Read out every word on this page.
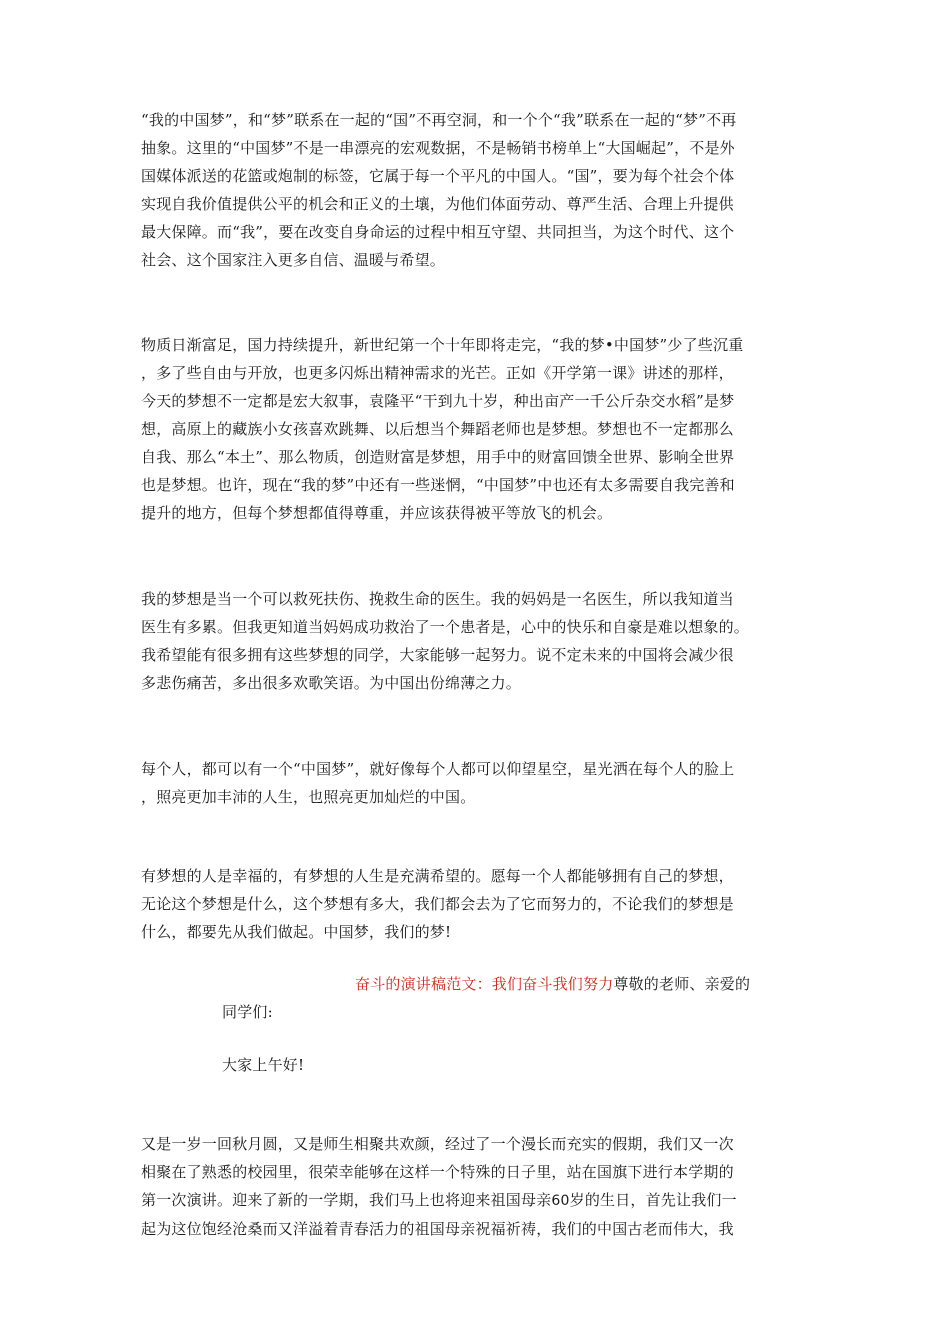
“我的中国梦”，和“梦”联系在一起的“国”不再空洞，和一个个“我”联系在一起的“梦”不再
抽象。这里的“中国梦”不是一串漂亮的宏观数据，不是畅销书榜单上“大国崛起”，不是外
国媒体派送的花篮或炮制的标签，它属于每一个平凡的中国人。“国”，要为每个社会个体
实现自我价值提供公平的机会和正义的土壤，为他们体面劳动、尊严生活、合理上升提供
最大保障。而“我”，要在改变自身命运的过程中相互守望、共同担当，为这个时代、这个
社会、这个国家注入更多自信、温暖与希望。
物质日渐富足，国力持续提升，新世纪第一个十年即将走完，“我的梦•中国梦”少了些沉重
，多了些自由与开放，也更多闪烁出精神需求的光芒。正如《开学第一课》讲述的那样，
今天的梦想不一定都是宏大叙事，袁隆平“干到九十岁，种出亩产一千公斤杂交水稻”是梦
想，高原上的藏族小女孩喜欢跳舞、以后想当个舞蹈老师也是梦想。梦想也不一定都那么
自我、那么“本土”、那么物质，创造财富是梦想，用手中的财富回馈全世界、影响全世界
也是梦想。也许，现在“我的梦”中还有一些迷惘，“中国梦”中也还有太多需要自我完善和
提升的地方，但每个梦想都值得尊重，并应该获得被平等放飞的机会。
我的梦想是当一个可以救死扶伤、挽救生命的医生。我的妈妈是一名医生，所以我知道当
医生有多累。但我更知道当妈妈成功救治了一个患者是，心中的快乐和自豪是难以想象的。
我希望能有很多拥有这些梦想的同学，大家能够一起努力。说不定未来的中国将会减少很
多悲伤痛苦，多出很多欢歌笑语。为中国出份绵薄之力。
每个人，都可以有一个“中国梦”，就好像每个人都可以仰望星空，星光洒在每个人的脸上
，照亮更加丰沛的人生，也照亮更加灿烂的中国。
有梦想的人是幸福的，有梦想的人生是充满希望的。愿每一个人都能够拥有自己的梦想，
无论这个梦想是什么，这个梦想有多大，我们都会去为了它而努力的，不论我们的梦想是
什么，都要先从我们做起。中国梦，我们的梦!
奋斗的演讲稿范文：我们奋斗我们努力尊敬的老师、亲爱的
同学们:
大家上午好!
又是一岁一回秋月圆，又是师生相聚共欢颜，经过了一个漫长而充实的假期，我们又一次
相聚在了熟悉的校园里，很荣幸能够在这样一个特殊的日子里，站在国旗下进行本学期的
第一次演讲。迎来了新的一学期，我们马上也将迎来祖国母亲60岁的生日，首先让我们一
起为这位饱经沧桑而又洋溢着青春活力的祖国母亲祝福祈祷，我们的中国古老而伟大，我
